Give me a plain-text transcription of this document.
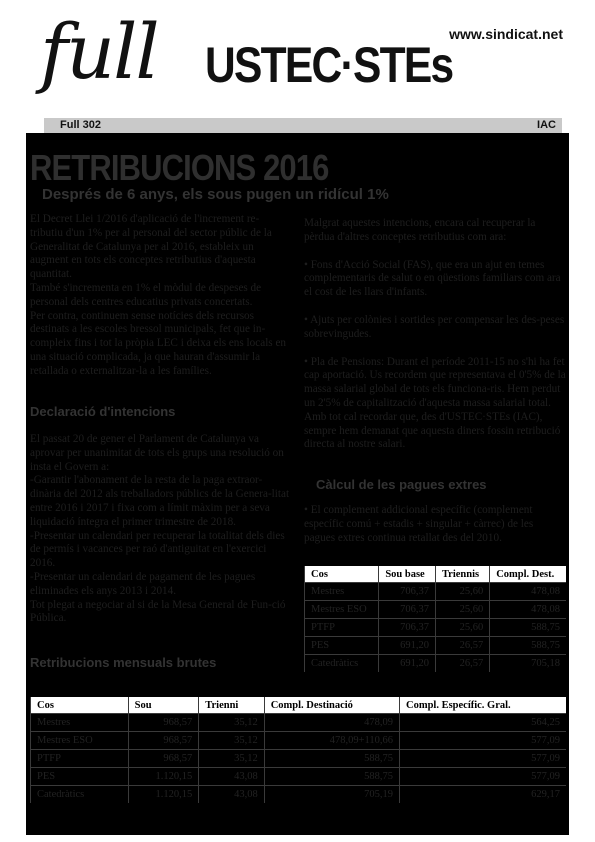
full USTEC·STEs
www.sindicat.net
Full 302	IAC
RETRIBUCIONS 2016
Després de 6 anys, els sous pugen un ridícul 1%

El Decret Llei 1/2016 d'aplicació de l'increment re-tributiu d'un 1% per al personal del sector públic de la Generalitat de Catalunya per al 2016, estableix un augment en tots els conceptes retributius d'aquesta quantitat.

També s'incrementa en 1% el mòdul de despeses de personal dels centres educatius privats concertats.

Per contra, continuem sense notícies dels recursos destinats a les escoles bressol municipals, fet que in-compleix fins i tot la pròpia LEC i deixa els ens locals en una situació complicada, ja que hauran d'assumir la retallada o externalitzar-la a les famílies.

Declaració d'intencions

El passat 20 de gener el Parlament de Catalunya va aprovar per unanimitat de tots els grups una resolució on insta el Govern a:

-Garantir l'abonament de la resta de la paga extraor-dinària del 2012 als treballadors públics de la Genera-litat entre 2016 i 2017 i fixa com a límit màxim per a seva liquidació íntegra el primer trimestre de 2018.

-Presentar un calendari per recuperar la totalitat dels dies de permís i vacances per raó d'antiguitat en l'exercici 2016.

-Presentar un calendari de pagament de les pagues eliminades els anys 2013 i 2014.

Tot plegat a negociar al si de la Mesa General de Fun-ció Pública.

Retribucions mensuals brutes

Malgrat aquestes intencions, encara cal recuperar la pèrdua d'altres conceptes retributius com ara:

• Fons d'Acció Social (FAS), que era un ajut en temes complementaris de salut o en qüestions familiars com ara el cost de les llars d'infants.

• Ajuts per colònies i sortides per compensar les des-peses sobrevingudes.

• Pla de Pensions: Durant el període 2011-15 no s'hi ha fet cap aportació. Us recordem que representava el 0'5% de la massa salarial global de tots els funciona-ris. Hem perdut un 2'5% de capitalització d'aquesta massa salarial total. Amb tot cal recordar que, des d'USTEC·STEs (IAC), sempre hem demanat que aquesta diners fossin retribució directa al nostre salari.

Càlcul de les pagues extres
• El complement addicional específic (complement específic comú + estadis + singular + càrrec) de les pagues extres continua retallat des del 2010.
Cos	Sou base	Triennis	Compl. Dest.
Mestres	706,37	25,60	478,08
Mestres ESO	706,37	25,60	478,08
PTFP	706,37	25,60	588,75
PES	691,20	26,57	588,75
Catedràtics	691,20	26,57	705,18
Cos	Sou	Trienni	Compl. Destinació	Compl. Específic. Gral.
Mestres	968,57	35,12	478,09	564,25
Mestres ESO	968,57	35,12	478,09+110,66	577,09
PTFP	968,57	35,12	588,75	577,09
PES	1.120,15	43,08	588,75	577,09
Catedràtics	1.120,15	43,08	705,19	629,17
